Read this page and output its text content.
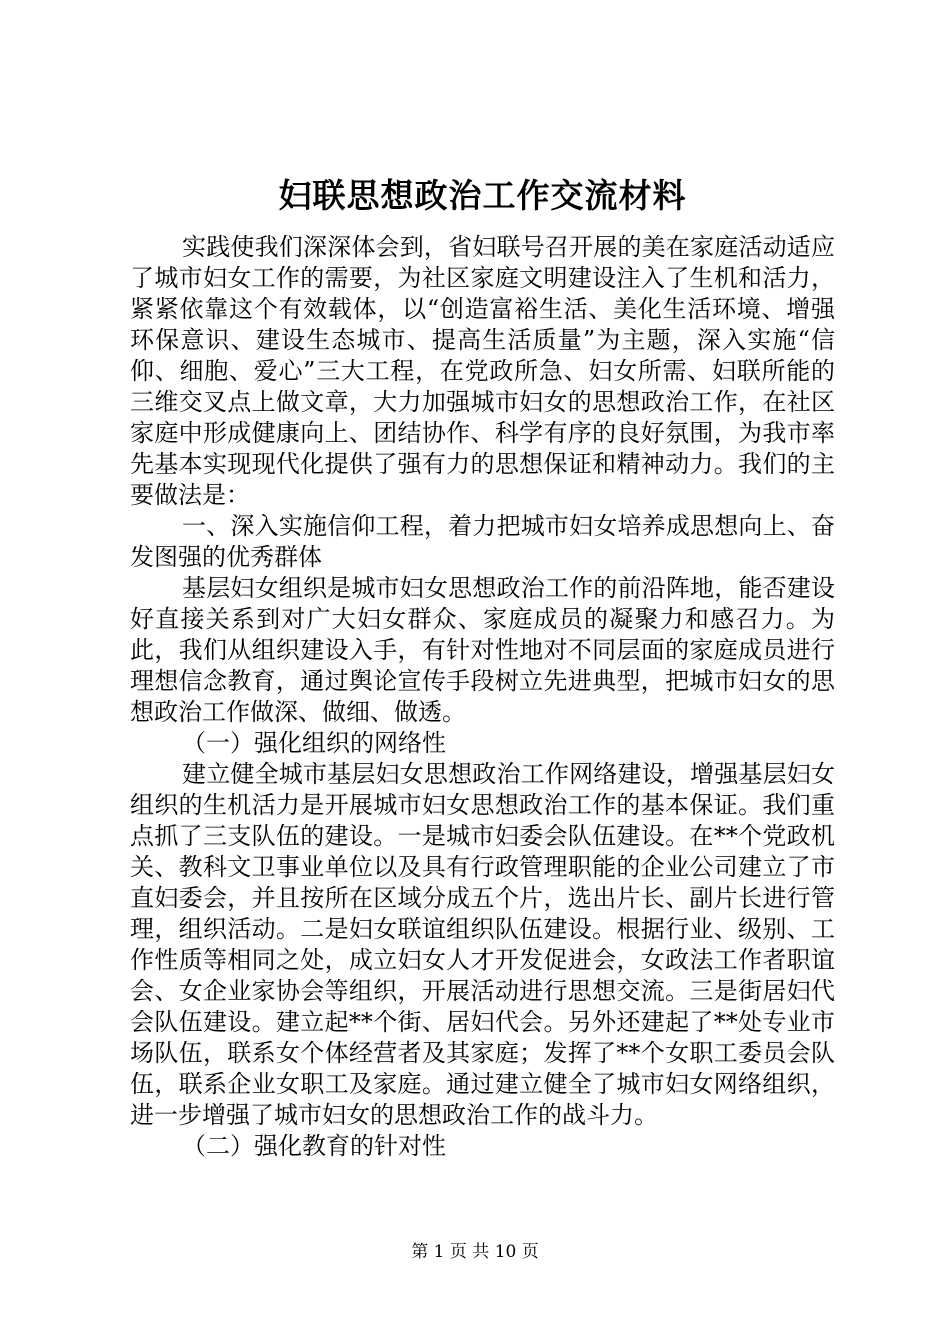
妇联思想政治工作交流材料

实践使我们深深体会到，省妇联号召开展的美在家庭活动适应了城市妇女工作的需要，为社区家庭文明建设注入了生机和活力，紧紧依靠这个有效载体，以“创造富裕生活、美化生活环境、增强环保意识、建设生态城市、提高生活质量”为主题，深入实施“信仰、细胞、爱心”三大工程，在党政所急、妇女所需、妇联所能的三维交叉点上做文章，大力加强城市妇女的思想政治工作，在社区家庭中形成健康向上、团结协作、科学有序的良好氛围，为我市率先基本实现现代化提供了强有力的思想保证和精神动力。我们的主要做法是：

一、深入实施信仰工程，着力把城市妇女培养成思想向上、奋发图强的优秀群体

基层妇女组织是城市妇女思想政治工作的前沿阵地，能否建设好直接关系到对广大妇女群众、家庭成员的凝聚力和感召力。为此，我们从组织建设入手，有针对性地对不同层面的家庭成员进行理想信念教育，通过舆论宣传手段树立先进典型，把城市妇女的思想政治工作做深、做细、做透。

（一）强化组织的网络性

建立健全城市基层妇女思想政治工作网络建设，增强基层妇女组织的生机活力是开展城市妇女思想政治工作的基本保证。我们重点抓了三支队伍的建设。一是城市妇委会队伍建设。在**个党政机关、教科文卫事业单位以及具有行政管理职能的企业公司建立了市直妇委会，并且按所在区域分成五个片，选出片长、副片长进行管理，组织活动。二是妇女联谊组织队伍建设。根据行业、级别、工作性质等相同之处，成立妇女人才开发促进会，女政法工作者职谊会、女企业家协会等组织，开展活动进行思想交流。三是街居妇代会队伍建设。建立起**个街、居妇代会。另外还建起了**处专业市场队伍，联系女个体经营者及其家庭；发挥了**个女职工委员会队伍，联系企业女职工及家庭。通过建立健全了城市妇女网络组织，进一步增强了城市妇女的思想政治工作的战斗力。

（二）强化教育的针对性

第 1 页 共 10 页
